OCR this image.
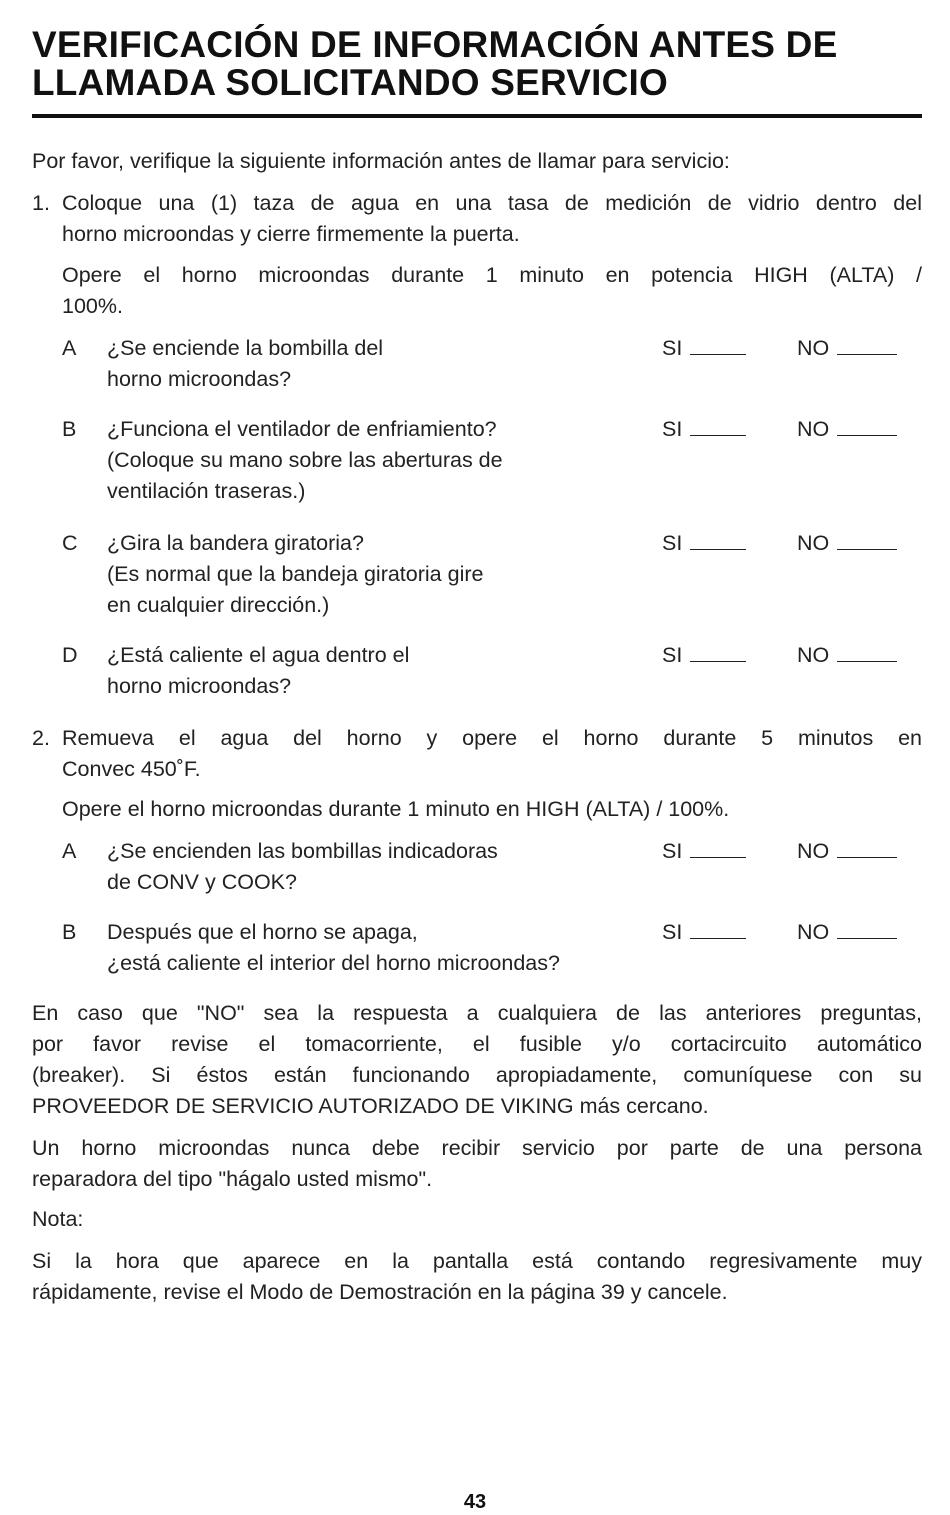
VERIFICACIÓN DE INFORMACIÓN ANTES DE
LLAMADA SOLICITANDO SERVICIO
Por favor, verifique la siguiente información antes de llamar para servicio:
1. Coloque una (1) taza de agua en una tasa de medición de vidrio dentro del
horno microondas y cierre firmemente la puerta.
Opere el horno microondas durante 1 minuto en potencia HIGH (ALTA) /
100%.
A ¿Se enciende la bombilla del
horno microondas?
SI	NO
B ¿Funciona el ventilador de enfriamiento?
(Coloque su mano sobre las aberturas de
ventilación traseras.)
SI	NO
C ¿Gira la bandera giratoria?
(Es normal que la bandeja giratoria gire
en cualquier dirección.)
SI	NO
D ¿Está caliente el agua dentro el
horno microondas?
SI	NO
2. Remueva el agua del horno y opere el horno durante 5 minutos en
Convec 450˚F.
Opere el horno microondas durante 1 minuto en HIGH (ALTA) / 100%.
A ¿Se encienden las bombillas indicadoras
de CONV y COOK?
SI	NO
B Después que el horno se apaga,
¿está caliente el interior del horno microondas?
SI	NO
En caso que "NO" sea la respuesta a cualquiera de las anteriores preguntas,
por favor revise el tomacorriente, el fusible y/o cortacircuito automático
(breaker). Si éstos están funcionando apropiadamente, comuníquese con su
PROVEEDOR DE SERVICIO AUTORIZADO DE VIKING más cercano.
Un horno microondas nunca debe recibir servicio por parte de una persona
reparadora del tipo "hágalo usted mismo".
Nota:
Si la hora que aparece en la pantalla está contando regresivamente muy
rápidamente, revise el Modo de Demostración en la página 39 y cancele.
43
